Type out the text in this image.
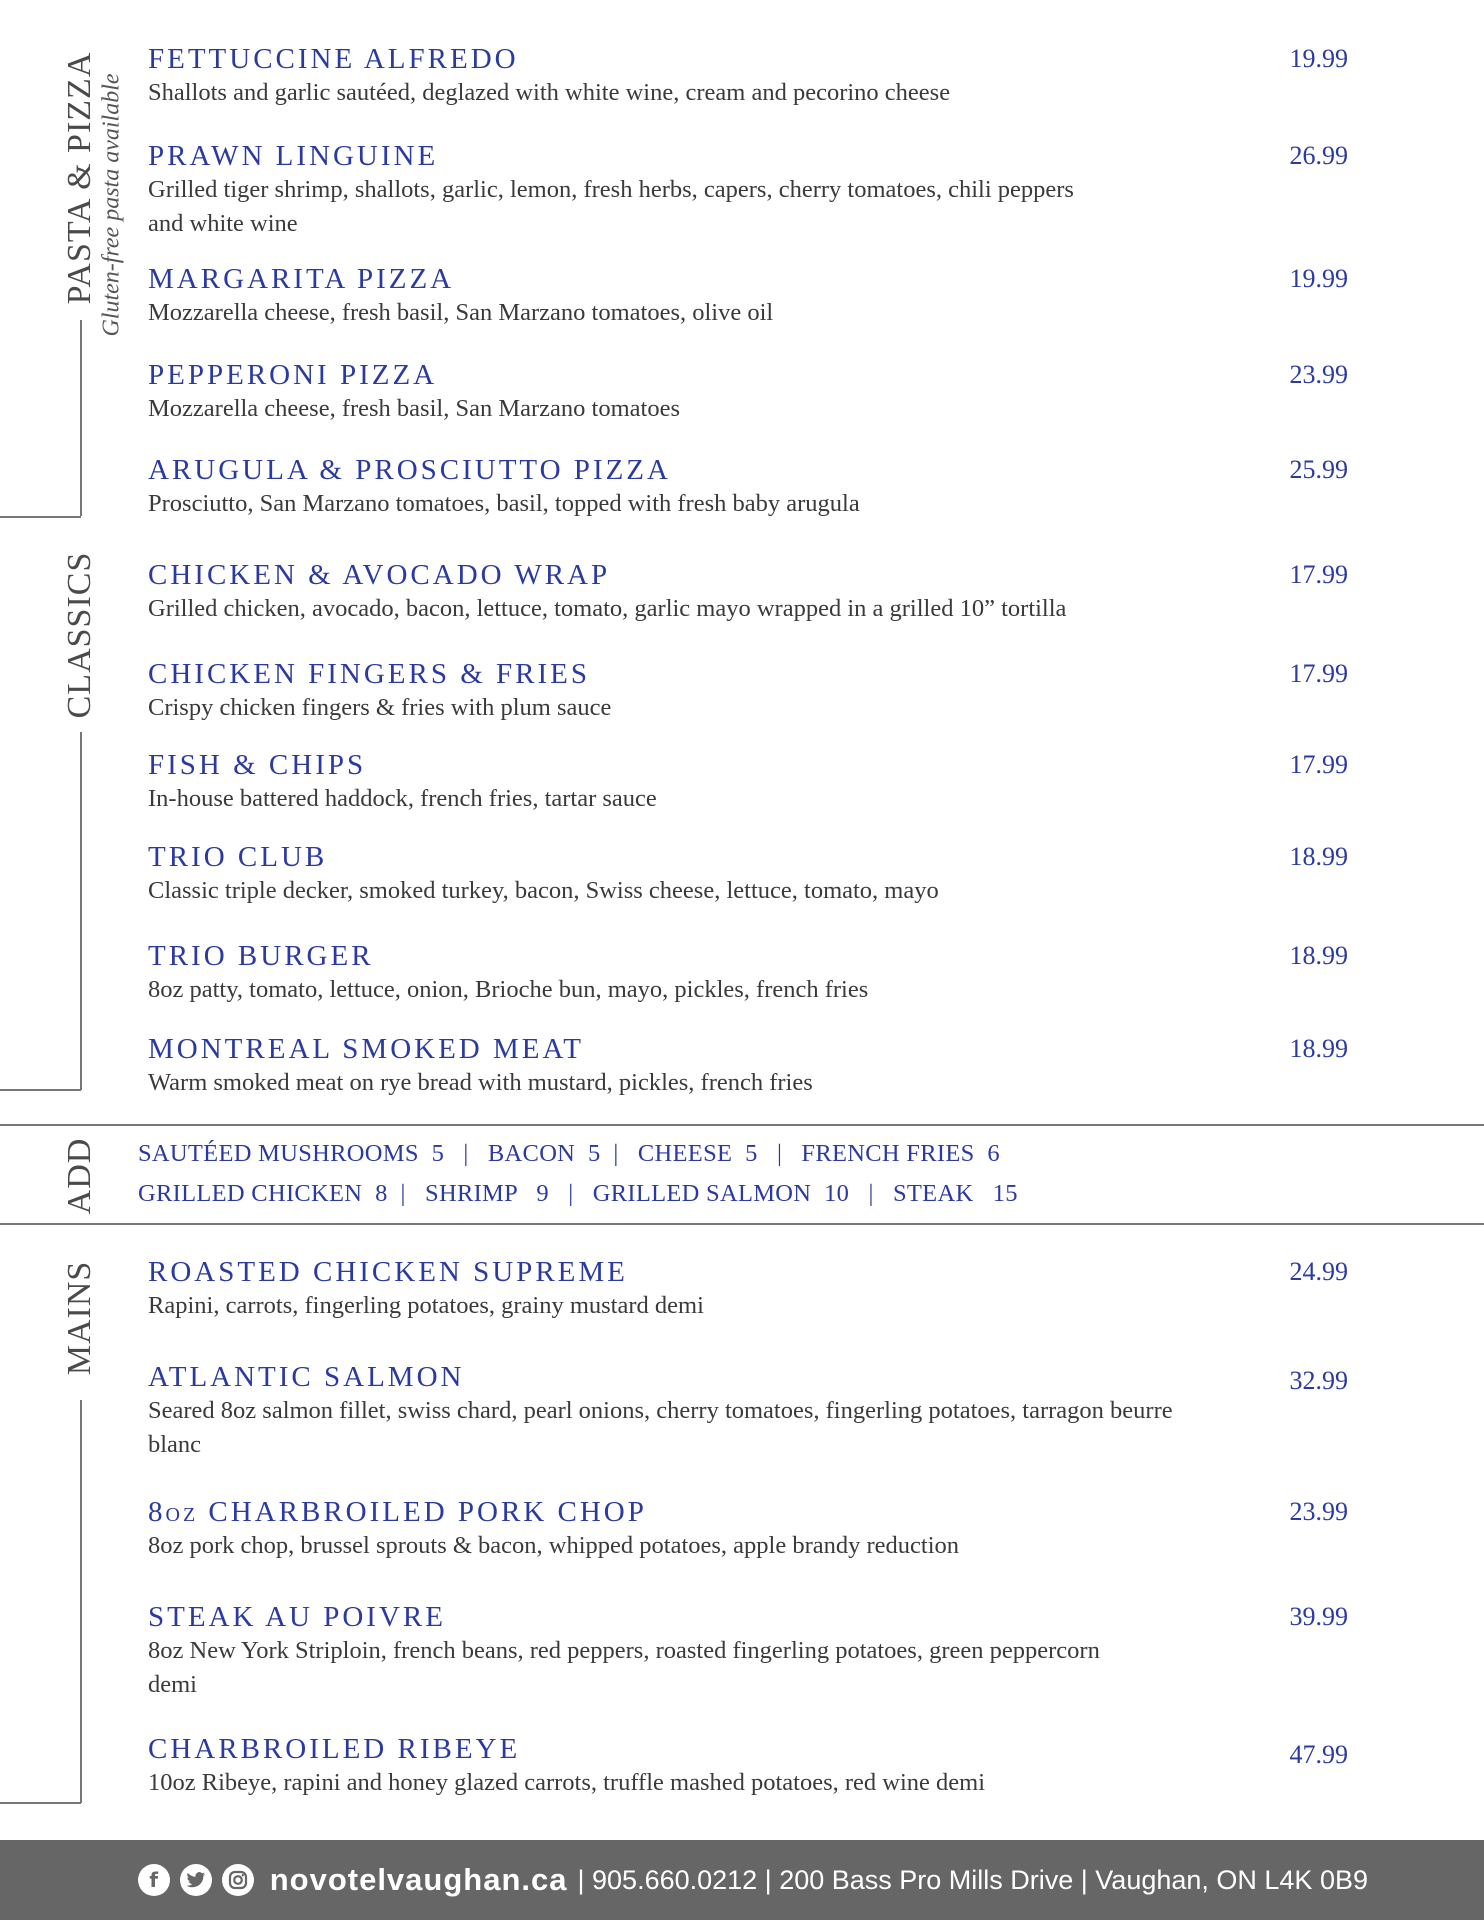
PASTA & PIZZA Gluten-free pasta available
CLASSICS
ADD SAUTÉED MUSHROOMS  5   |   BACON  5  |   CHEESE  5   |   FRENCH FRIES  6
GRILLED CHICKEN  8  |   SHRIMP   9   |   GRILLED SALMON  10   |   STEAK   15
MAINS
FETTUCCINE ALFREDO
Shallots and garlic sautéed, deglazed with white wine, cream and pecorino cheese
19.99
PRAWN LINGUINE
Grilled tiger shrimp, shallots, garlic, lemon, fresh herbs, capers, cherry tomatoes, chili peppers and white wine
26.99
MARGARITA PIZZA
Mozzarella cheese, fresh basil, San Marzano tomatoes, olive oil
19.99
PEPPERONI PIZZA
Mozzarella cheese, fresh basil, San Marzano tomatoes
23.99
ARUGULA & PROSCIUTTO PIZZA
Prosciutto, San Marzano tomatoes, basil, topped with fresh baby arugula
25.99
CHICKEN & AVOCADO WRAP
Grilled chicken, avocado, bacon, lettuce, tomato, garlic mayo wrapped in a grilled 10” tortilla
17.99
CHICKEN FINGERS & FRIES
Crispy chicken fingers & fries with plum sauce
17.99
FISH & CHIPS
In-house battered haddock, french fries, tartar sauce
17.99
TRIO CLUB
Classic triple decker, smoked turkey, bacon, Swiss cheese, lettuce, tomato, mayo
18.99
TRIO BURGER
8oz patty, tomato, lettuce, onion, Brioche bun, mayo, pickles, french fries
18.99
MONTREAL SMOKED MEAT
Warm smoked meat on rye bread with mustard, pickles, french fries
18.99
ROASTED CHICKEN SUPREME
Rapini, carrots, fingerling potatoes, grainy mustard demi
24.99
ATLANTIC SALMON
Seared 8oz salmon fillet, swiss chard, pearl onions, cherry tomatoes, fingerling potatoes, tarragon beurre blanc
32.99
8oz CHARBROILED PORK CHOP
8oz pork chop, brussel sprouts & bacon, whipped potatoes, apple brandy reduction
23.99
STEAK AU POIVRE
8oz New York Striploin, french beans, red peppers, roasted fingerling potatoes, green peppercorn demi
39.99
CHARBROILED RIBEYE
10oz Ribeye, rapini and honey glazed carrots, truffle mashed potatoes, red wine demi
47.99
f	novotelvaughan.ca | 905.660.0212 | 200 Bass Pro Mills Drive | Vaughan, ON L4K 0B9
